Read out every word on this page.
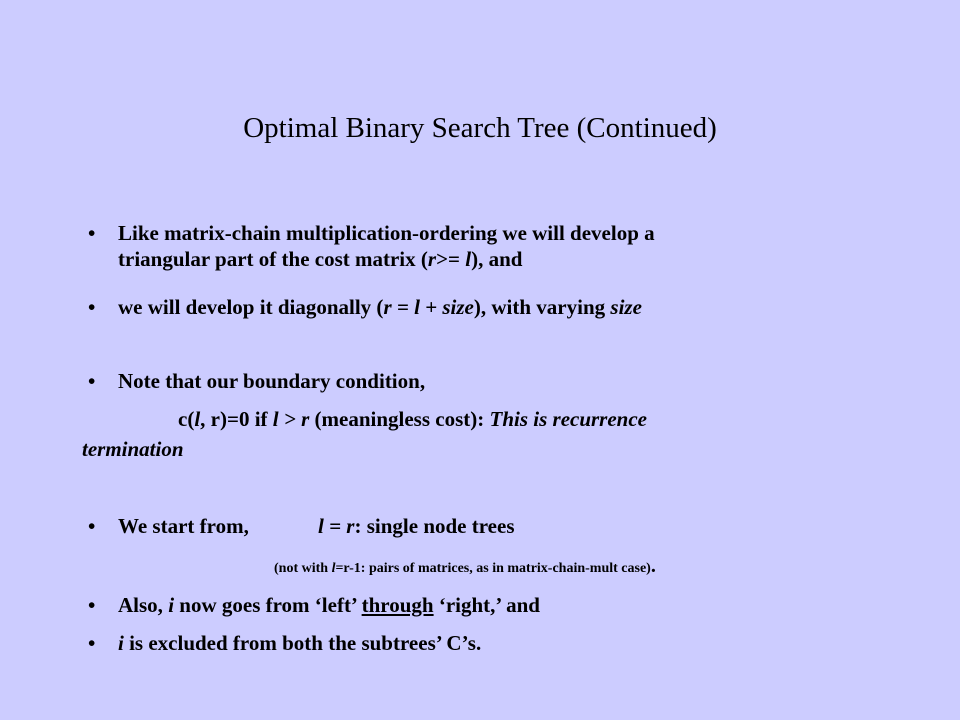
Optimal Binary Search Tree (Continued)
• Like matrix-chain multiplication-ordering we will develop a
triangular part of the cost matrix (r>= l), and
• we will develop it diagonally (r = l + size), with varying size
• Note that our boundary condition,
c(l, r)=0 if l > r (meaningless cost): This is recurrence
termination
• We start from,	l = r: single node trees
(not with l=r-1: pairs of matrices, as in matrix-chain-mult case).
• Also, i now goes from ‘left’ through ‘right,’ and
• i is excluded from both the subtrees’ C’s.
